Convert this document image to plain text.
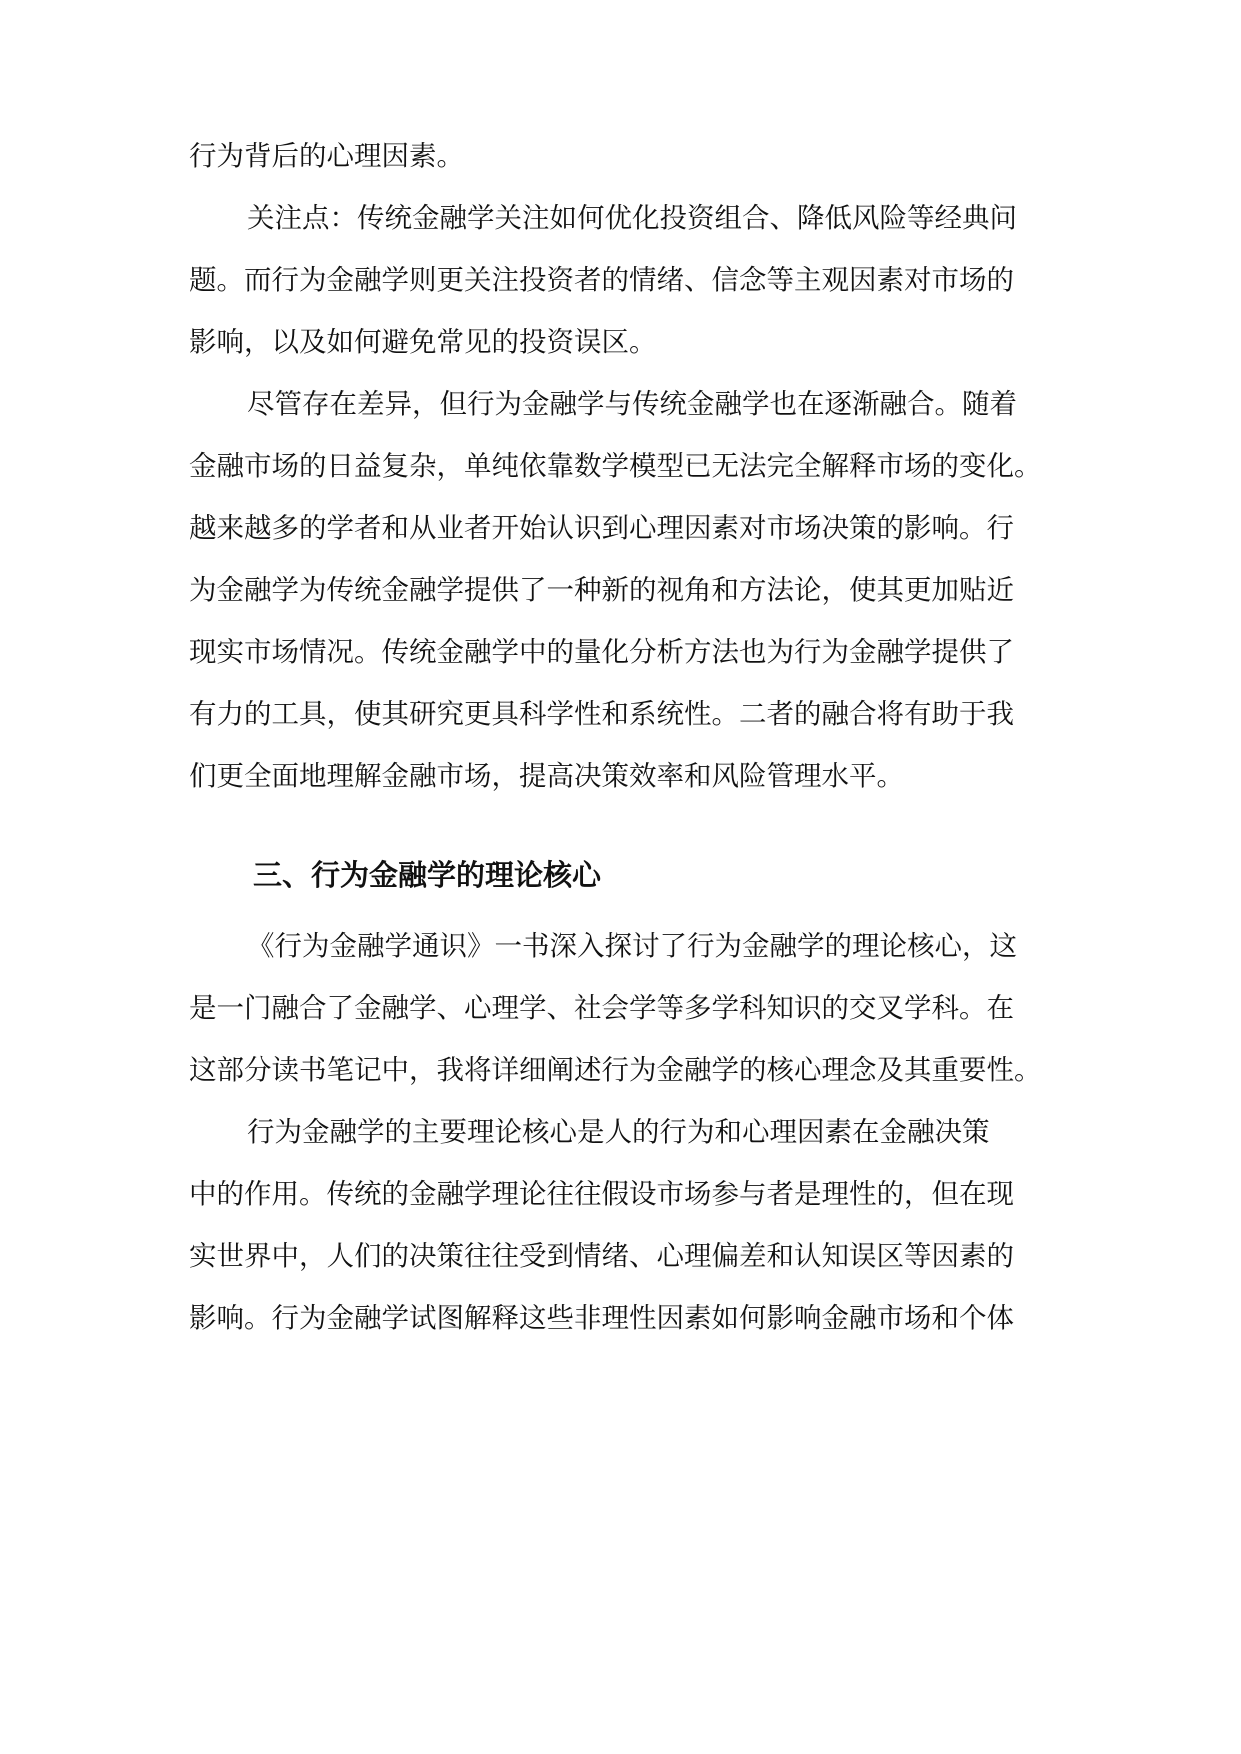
行为背后的心理因素。

关注点：传统金融学关注如何优化投资组合、降低风险等经典问

题。而行为金融学则更关注投资者的情绪、信念等主观因素对市场的

影响，以及如何避免常见的投资误区。

尽管存在差异，但行为金融学与传统金融学也在逐渐融合。随着

金融市场的日益复杂，单纯依靠数学模型已无法完全解释市场的变化。

越来越多的学者和从业者开始认识到心理因素对市场决策的影响。行

为金融学为传统金融学提供了一种新的视角和方法论，使其更加贴近

现实市场情况。传统金融学中的量化分析方法也为行为金融学提供了

有力的工具，使其研究更具科学性和系统性。二者的融合将有助于我

们更全面地理解金融市场，提高决策效率和风险管理水平。

三、行为金融学的理论核心

《行为金融学通识》一书深入探讨了行为金融学的理论核心，这

是一门融合了金融学、心理学、社会学等多学科知识的交叉学科。在

这部分读书笔记中，我将详细阐述行为金融学的核心理念及其重要性。

行为金融学的主要理论核心是人的行为和心理因素在金融决策

中的作用。传统的金融学理论往往假设市场参与者是理性的，但在现

实世界中，人们的决策往往受到情绪、心理偏差和认知误区等因素的

影响。行为金融学试图解释这些非理性因素如何影响金融市场和个体
